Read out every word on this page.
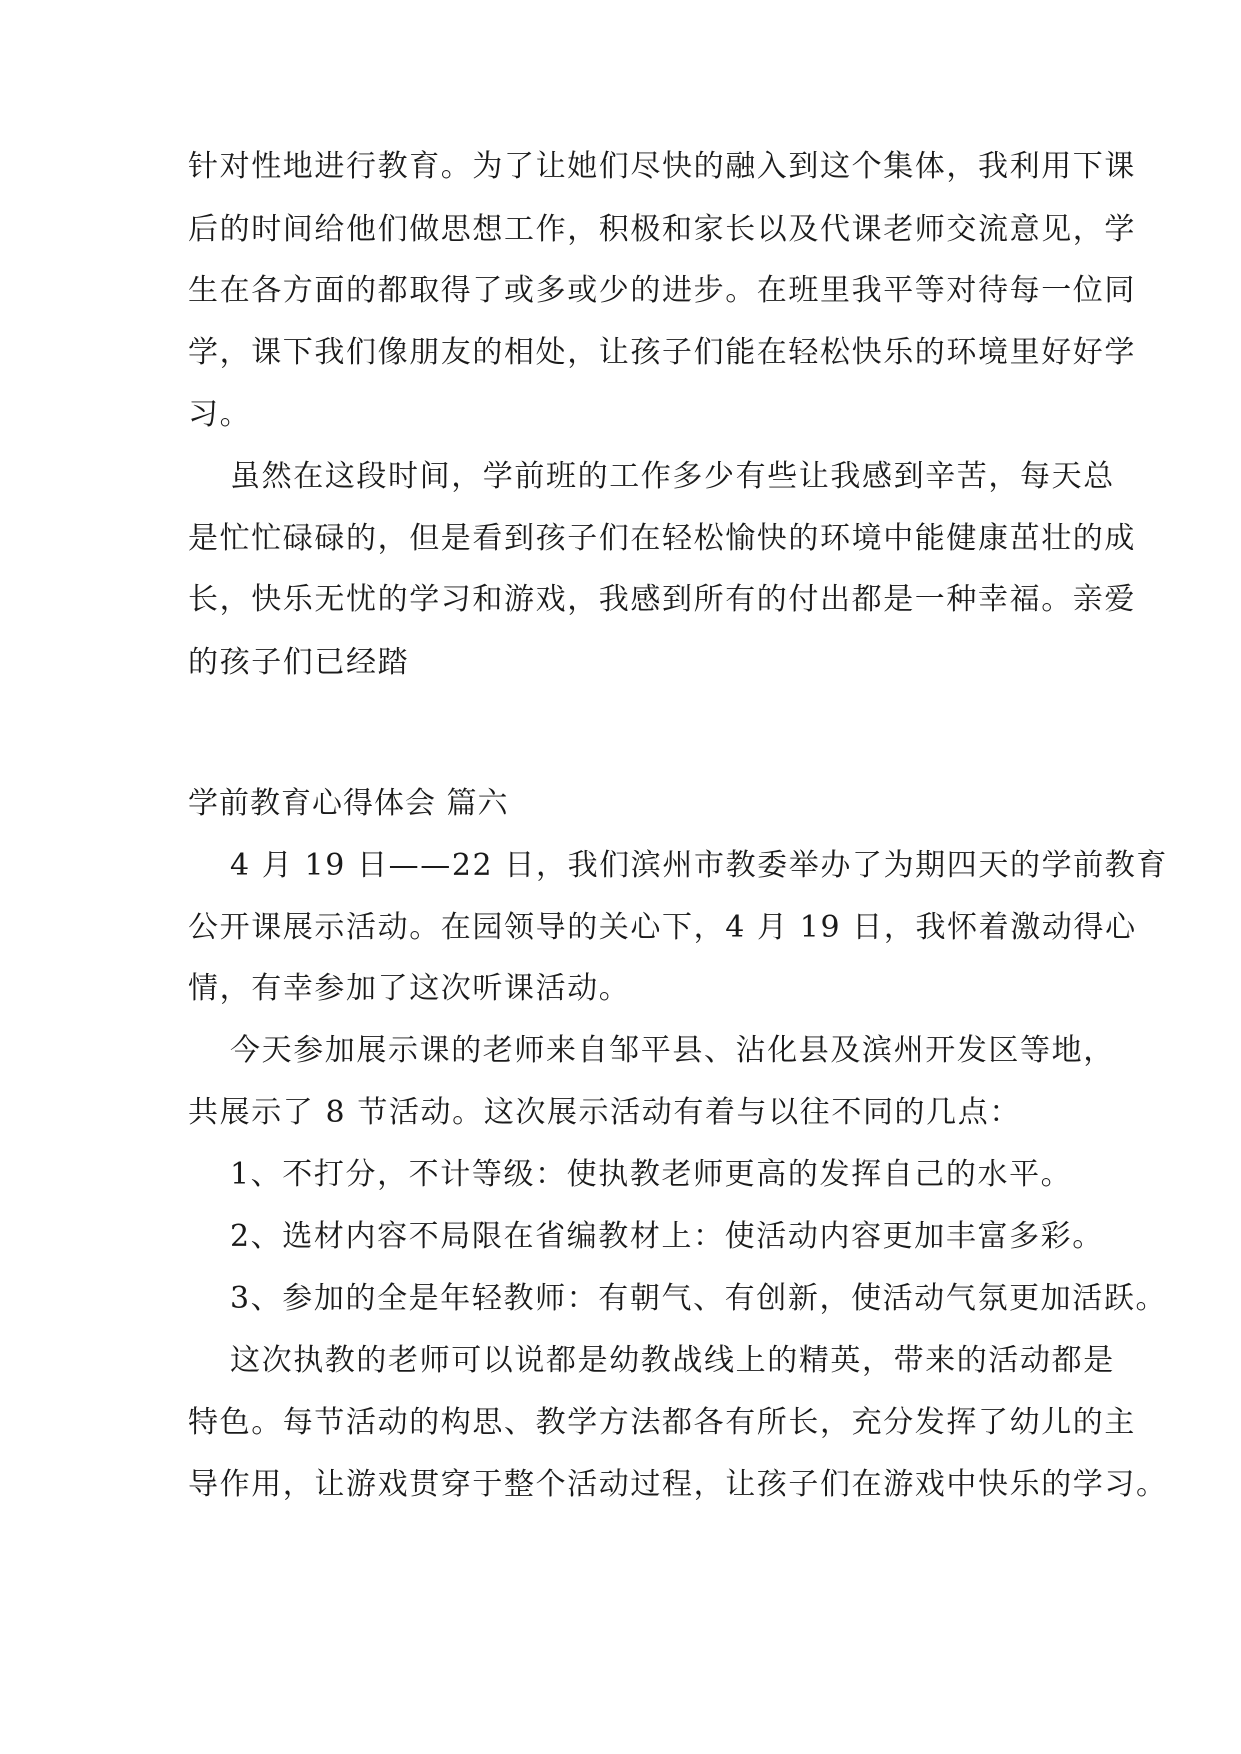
针对性地进行教育。为了让她们尽快的融入到这个集体，我利用下课
后的时间给他们做思想工作，积极和家长以及代课老师交流意见，学
生在各方面的都取得了或多或少的进步。在班里我平等对待每一位同
学，课下我们像朋友的相处，让孩子们能在轻松快乐的环境里好好学
习。
虽然在这段时间，学前班的工作多少有些让我感到辛苦，每天总
是忙忙碌碌的，但是看到孩子们在轻松愉快的环境中能健康茁壮的成
长，快乐无忧的学习和游戏，我感到所有的付出都是一种幸福。亲爱
的孩子们已经踏
学前教育心得体会 篇六
4 月 19 日——22 日，我们滨州市教委举办了为期四天的学前教育
公开课展示活动。在园领导的关心下，4 月 19 日，我怀着激动得心
情，有幸参加了这次听课活动。
今天参加展示课的老师来自邹平县、沾化县及滨州开发区等地，
共展示了 8 节活动。这次展示活动有着与以往不同的几点：
1、不打分，不计等级：使执教老师更高的发挥自己的水平。
2、选材内容不局限在省编教材上：使活动内容更加丰富多彩。
3、参加的全是年轻教师：有朝气、有创新，使活动气氛更加活跃。
这次执教的老师可以说都是幼教战线上的精英，带来的活动都是
特色。每节活动的构思、教学方法都各有所长，充分发挥了幼儿的主
导作用，让游戏贯穿于整个活动过程，让孩子们在游戏中快乐的学习。
